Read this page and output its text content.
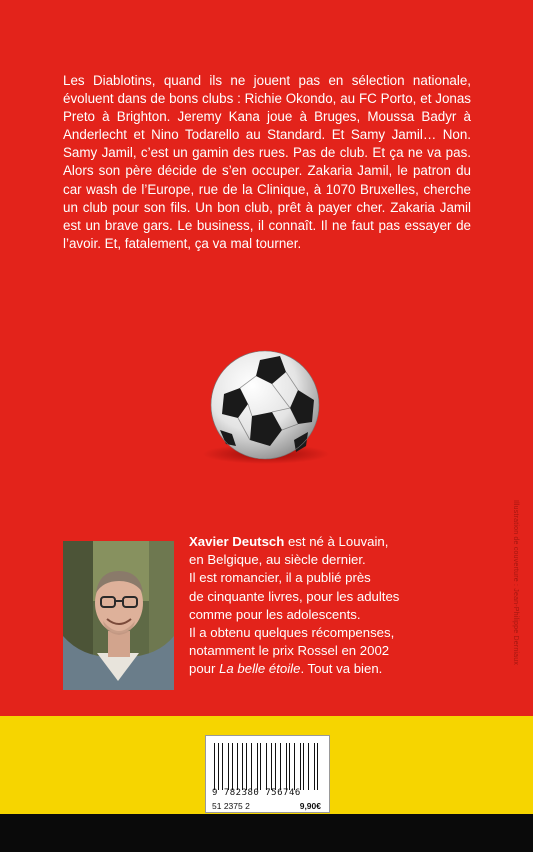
Les Diablotins, quand ils ne jouent pas en sélection nationale, évoluent dans de bons clubs : Richie Okondo, au FC Porto, et Jonas Preto à Brighton. Jeremy Kana joue à Bruges, Moussa Badyr à Anderlecht et Nino Todarello au Standard. Et Samy Jamil… Non. Samy Jamil, c’est un gamin des rues. Pas de club. Et ça ne va pas. Alors son père décide de s’en occuper. Zakaria Jamil, le patron du car wash de l’Europe, rue de la Clinique, à 1070 Bruxelles, cherche un club pour son fils. Un bon club, prêt à payer cher. Zakaria Jamil est un brave gars. Le business, il connaît. Il ne faut pas essayer de l’avoir. Et, fatalement, ça va mal tourner.

Xavier Deutsch est né à Louvain,
en Belgique, au siècle dernier.
Il est romancier, il a publié près
de cinquante livres, pour les adultes
comme pour les adolescents.
Il a obtenu quelques récompenses,
notamment le prix Rossel en 2002
pour La belle étoile. Tout va bien.
Illustration de couverture : Jean-Philippe Derniaux
9 782380 756746
51 2375 2	9,90€
